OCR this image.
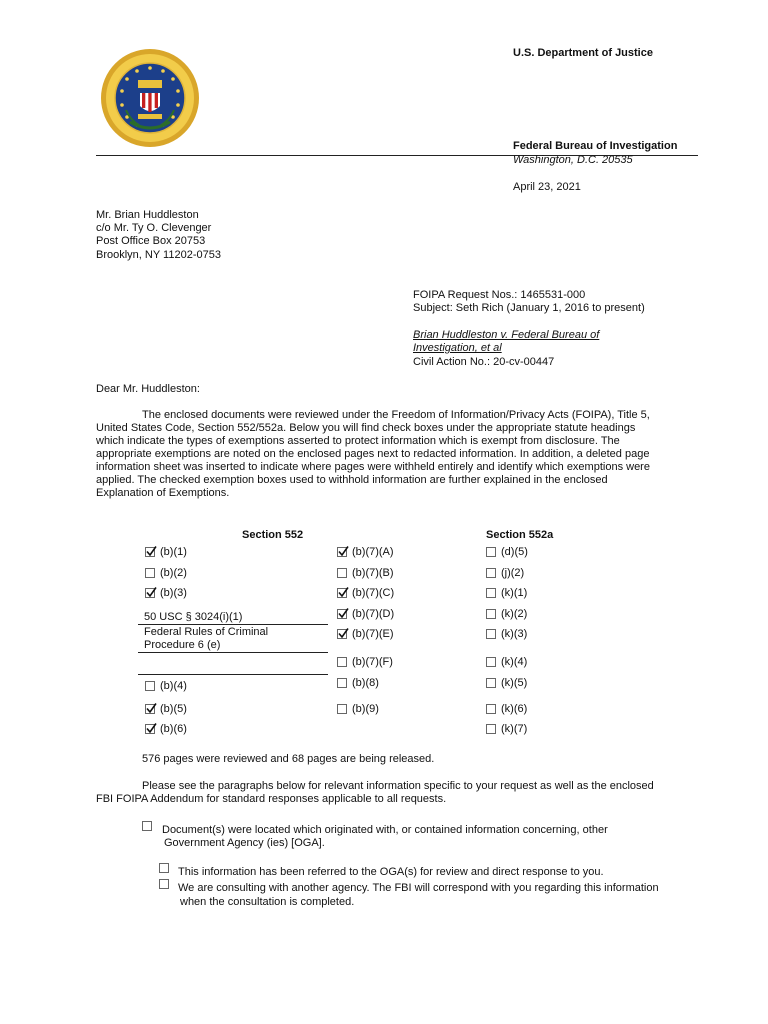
U.S. Department of Justice
Federal Bureau of Investigation
Washington, D.C. 20535
April 23, 2021
Mr. Brian Huddleston
c/o Mr. Ty O. Clevenger
Post Office Box 20753
Brooklyn, NY 11202-0753
FOIPA Request Nos.: 1465531-000
Subject: Seth Rich (January 1, 2016 to present)
Brian Huddleston v. Federal Bureau of
Investigation, et al
Civil Action No.: 20-cv-00447
Dear Mr. Huddleston:
The enclosed documents were reviewed under the Freedom of Information/Privacy Acts (FOIPA), Title 5,
United States Code, Section 552/552a. Below you will find check boxes under the appropriate statute headings
which indicate the types of exemptions asserted to protect information which is exempt from disclosure. The
appropriate exemptions are noted on the enclosed pages next to redacted information. In addition, a deleted page
information sheet was inserted to indicate where pages were withheld entirely and identify which exemptions were
applied. The checked exemption boxes used to withhold information are further explained in the enclosed
Explanation of Exemptions.
Section 552	Section 552a
50 USC § 3024(i)(1)
Federal Rules of Criminal
Procedure 6 (e)
(b)(1)
(b)(2)
(b)(3)
(b)(4)
(b)(5)
(b)(6)
(b)(7)(A)
(b)(7)(B)
(b)(7)(C)
(b)(7)(D)
(b)(7)(E)
(b)(7)(F)
(b)(8)
(b)(9)
(d)(5)
(j)(2)
(k)(1)
(k)(2)
(k)(3)
(k)(4)
(k)(5)
(k)(6)
(k)(7)
576 pages were reviewed and 68 pages are being released.
Please see the paragraphs below for relevant information specific to your request as well as the enclosed
FBI FOIPA Addendum for standard responses applicable to all requests.
Document(s) were located which originated with, or contained information concerning, other
Government Agency (ies) [OGA].
This information has been referred to the OGA(s) for review and direct response to you.
We are consulting with another agency. The FBI will correspond with you regarding this information
when the consultation is completed.
